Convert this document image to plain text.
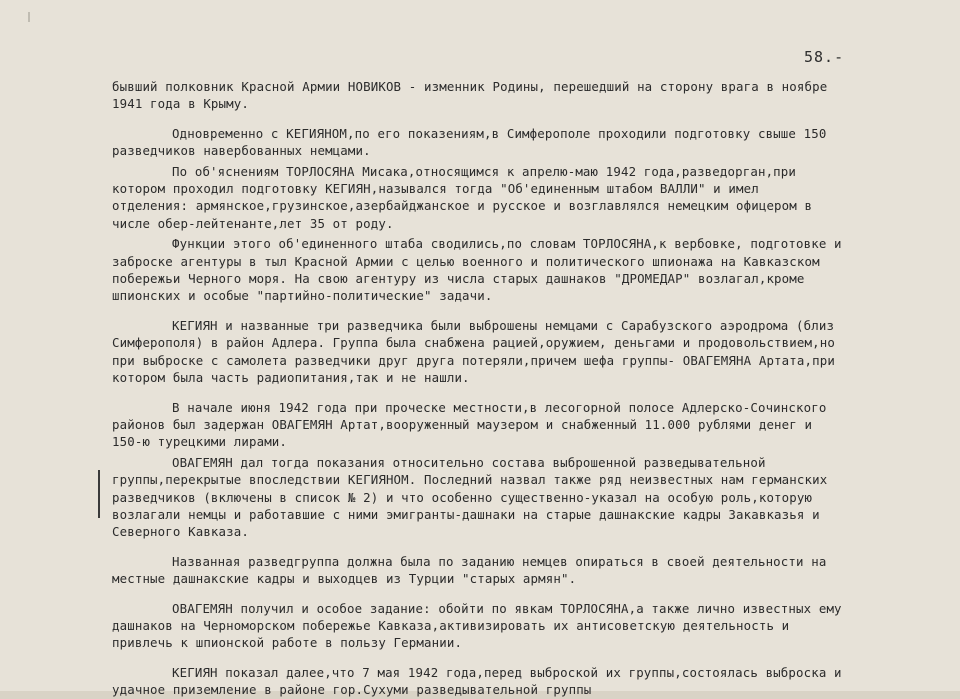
58.-

бывший полковник Красной Армии НОВИКОВ - изменник Родины, перешедший на сторону врага в ноябре 1941 года в Крыму.

Одновременно с КЕГИЯНОМ,по его показениям,в Симферополе проходили подготовку свыше 150 разведчиков навербованных немцами.

По об'яснениям ТОРЛОСЯНА Мисака,относящимся к апрелю-маю 1942 года,разведорган,при котором проходил подготовку КЕГИЯН,назывался тогда "Об'единенным штабом ВАЛЛИ" и имел отделения: армянское,грузинское,азербайджанское и русское и возглавлялся немецким офицером в числе обер-лейтенанте,лет 35 от роду.

Функции этого об'единенного штаба сводились,по словам ТОРЛОСЯНА,к вербовке, подготовке и заброске агентуры в тыл Красной Армии с целью военного и политического шпионажа на Кавказском побережьи Черного моря. На свою агентуру из числа старых дашнаков "ДРОМЕДАР" возлагал,кроме шпионских и особые "партийно-политические" задачи.

КЕГИЯН и названные три разведчика были выброшены немцами с Сарабузского аэродрома (близ Симферополя) в район Адлера. Группа была снабжена рацией,оружием, деньгами и продовольствием,но при выброске с самолета разведчики друг друга потеряли,причем шефа группы- ОВАГЕМЯНА Артата,при котором была часть радиопитания,так и не нашли.

В начале июня 1942 года при проческе местности,в лесогорной полосе Адлерско-Сочинского районов был задержан ОВАГЕМЯН Артат,вооруженный маузером и снабженный 11.000 рублями денег и 150-ю турецкими лирами.

ОВАГЕМЯН дал тогда показания относительно состава выброшенной разведывательной группы,перекрытые впоследствии КЕГИЯНОМ. Последний назвал также ряд неизвестных нам германских разведчиков (включены в список № 2) и что особенно существенно-указал на особую роль,которую возлагали немцы и работавшие с ними эмигранты-дашнаки на старые дашнакские кадры Закавказья и Северного Кавказа.

Названная разведгруппа должна была по заданию немцев опираться в своей деятельности на местные дашнакские кадры и выходцев из Турции "старых армян".

ОВАГЕМЯН получил и особое задание: обойти по явкам ТОРЛОСЯНА,а также лично известных ему дашнаков на Черноморском побережье Кавказа,активизировать их антисоветскую деятельность и привлечь к шпионской работе в пользу Германии.

КЕГИЯН показал далее,что 7 мая 1942 года,перед выброской их группы,состоялась выброска и удачное приземление в районе гор.Сухуми разведывательной группы
